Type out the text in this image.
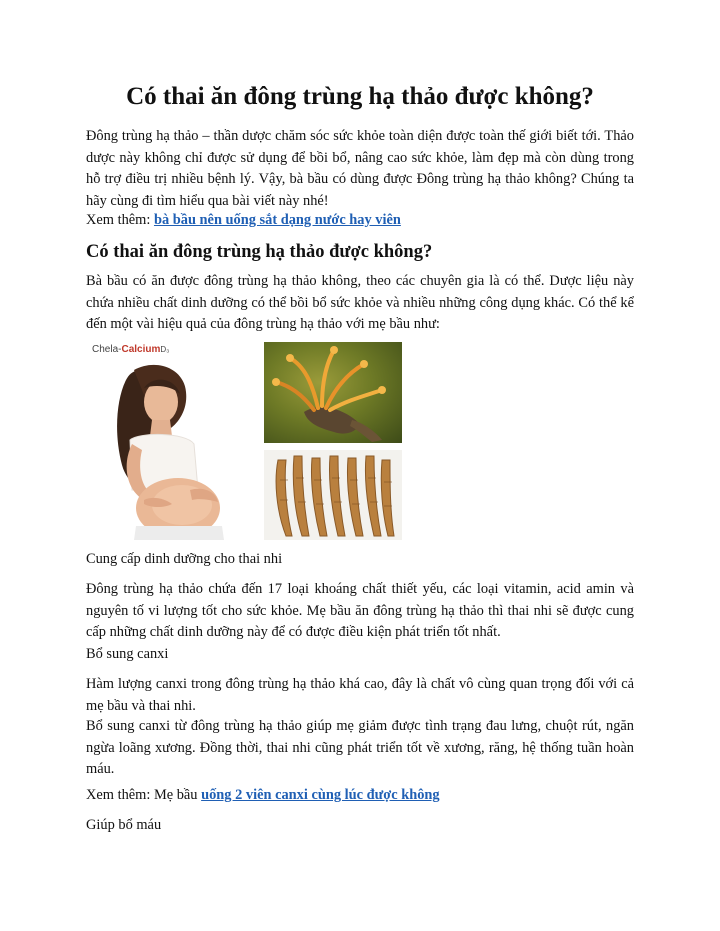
Có thai ăn đông trùng hạ thảo được không?

Đông trùng hạ thảo – thần dược chăm sóc sức khỏe toàn diện được toàn thế giới biết tới. Thảo dược này không chỉ được sử dụng để bồi bổ, nâng cao sức khỏe, làm đẹp mà còn dùng trong hỗ trợ điều trị nhiều bệnh lý. Vậy, bà bầu có dùng được Đông trùng hạ thảo không? Chúng ta hãy cùng đi tìm hiểu qua bài viết này nhé!

Xem thêm: bà bầu nên uống sắt dạng nước hay viên

Có thai ăn đông trùng hạ thảo được không?

Bà bầu có ăn được đông trùng hạ thảo không, theo các chuyên gia là có thể. Dược liệu này chứa nhiều chất dinh dưỡng có thể bồi bổ sức khỏe và nhiều những công dụng khác. Có thể kể đến một vài hiệu quả của đông trùng hạ thảo với mẹ bầu như:

Chela-CalciumD₃

Cung cấp dinh dưỡng cho thai nhi

Đông trùng hạ thảo chứa đến 17 loại khoáng chất thiết yếu, các loại vitamin, acid amin và nguyên tố vi lượng tốt cho sức khỏe. Mẹ bầu ăn đông trùng hạ thảo thì thai nhi sẽ được cung cấp những chất dinh dưỡng này để có được điều kiện phát triển tốt nhất.

Bổ sung canxi

Hàm lượng canxi trong đông trùng hạ thảo khá cao, đây là chất vô cùng quan trọng đối với cả mẹ bầu và thai nhi.

Bổ sung canxi từ đông trùng hạ thảo giúp mẹ giảm được tình trạng đau lưng, chuột rút, ngăn ngừa loãng xương. Đồng thời, thai nhi cũng phát triển tốt về xương, răng, hệ thống tuần hoàn máu.

Xem thêm: Mẹ bầu uống 2 viên canxi cùng lúc được không

Giúp bổ máu
